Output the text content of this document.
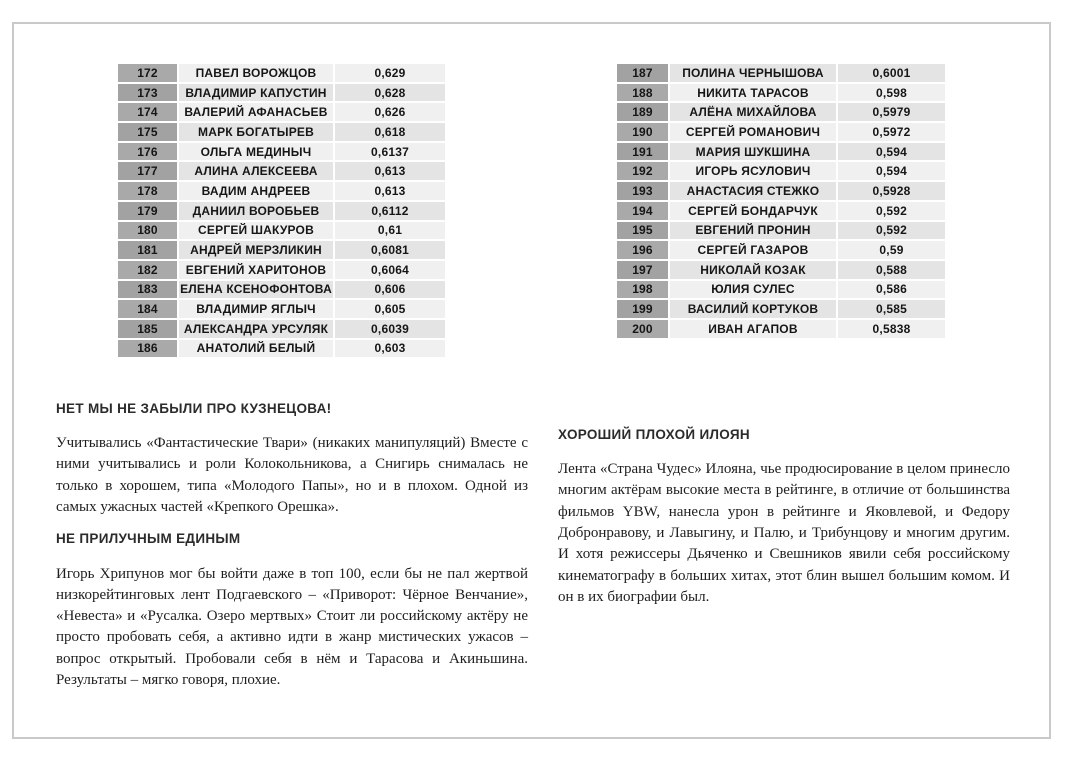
172	ПАВЕЛ ВОРОЖЦОВ	0,629
173	ВЛАДИМИР КАПУСТИН	0,628
174	ВАЛЕРИЙ АФАНАСЬЕВ	0,626
175	МАРК БОГАТЫРЕВ	0,618
176	ОЛЬГА МЕДИНЫЧ	0,6137
177	АЛИНА АЛЕКСЕЕВА	0,613
178	ВАДИМ АНДРЕЕВ	0,613
179	ДАНИИЛ ВОРОБЬЕВ	0,6112
180	СЕРГЕЙ ШАКУРОВ	0,61
181	АНДРЕЙ МЕРЗЛИКИН	0,6081
182	ЕВГЕНИЙ ХАРИТОНОВ	0,6064
183	ЕЛЕНА КСЕНОФОНТОВА	0,606
184	ВЛАДИМИР ЯГЛЫЧ	0,605
185	АЛЕКСАНДРА УРСУЛЯК	0,6039
186	АНАТОЛИЙ БЕЛЫЙ	0,603
187	ПОЛИНА ЧЕРНЫШОВА	0,6001
188	НИКИТА ТАРАСОВ	0,598
189	АЛЁНА МИХАЙЛОВА	0,5979
190	СЕРГЕЙ РОМАНОВИЧ	0,5972
191	МАРИЯ ШУКШИНА	0,594
192	ИГОРЬ ЯСУЛОВИЧ	0,594
193	АНАСТАСИЯ СТЕЖКО	0,5928
194	СЕРГЕЙ БОНДАРЧУК	0,592
195	ЕВГЕНИЙ ПРОНИН	0,592
196	СЕРГЕЙ ГАЗАРОВ	0,59
197	НИКОЛАЙ КОЗАК	0,588
198	ЮЛИЯ СУЛЕС	0,586
199	ВАСИЛИЙ КОРТУКОВ	0,585
200	ИВАН АГАПОВ	0,5838
НЕТ МЫ НЕ ЗАБЫЛИ ПРО КУЗНЕЦОВА!

Учитывались «Фантастические Твари» (никаких манипуляций) Вместе с ними учитывались и роли Колокольникова, а Снигирь снималась не только в хорошем, типа «Молодого Папы», но и в плохом. Одной из самых ужасных частей «Крепкого Орешка».

НЕ ПРИЛУЧНЫМ ЕДИНЫМ

Игорь Хрипунов мог бы войти даже в топ 100, если бы не пал жертвой низкорейтинговых лент Подгаевского – «Приворот: Чёрное Венчание», «Невеста» и «Русалка. Озеро мертвых» Стоит ли российскому актёру не просто пробовать себя, а активно идти в жанр мистических ужасов – вопрос открытый. Пробовали себя в нём и Тарасова и Акиньшина. Результаты – мягко говоря, плохие.

ХОРОШИЙ ПЛОХОЙ ИЛОЯН

Лента «Страна Чудес» Илояна, чье продюсирование в целом принесло многим актёрам высокие места в рейтинге, в отличие от большинства фильмов YBW, нанесла урон в рейтинге и Яковлевой, и Федору Добронравову, и Лавыгину, и Палю, и Трибунцову и многим другим. И хотя режиссеры Дьяченко и Свешников явили себя российскому кинематографу в больших хитах, этот блин вышел большим комом. И он в их биографии был.
